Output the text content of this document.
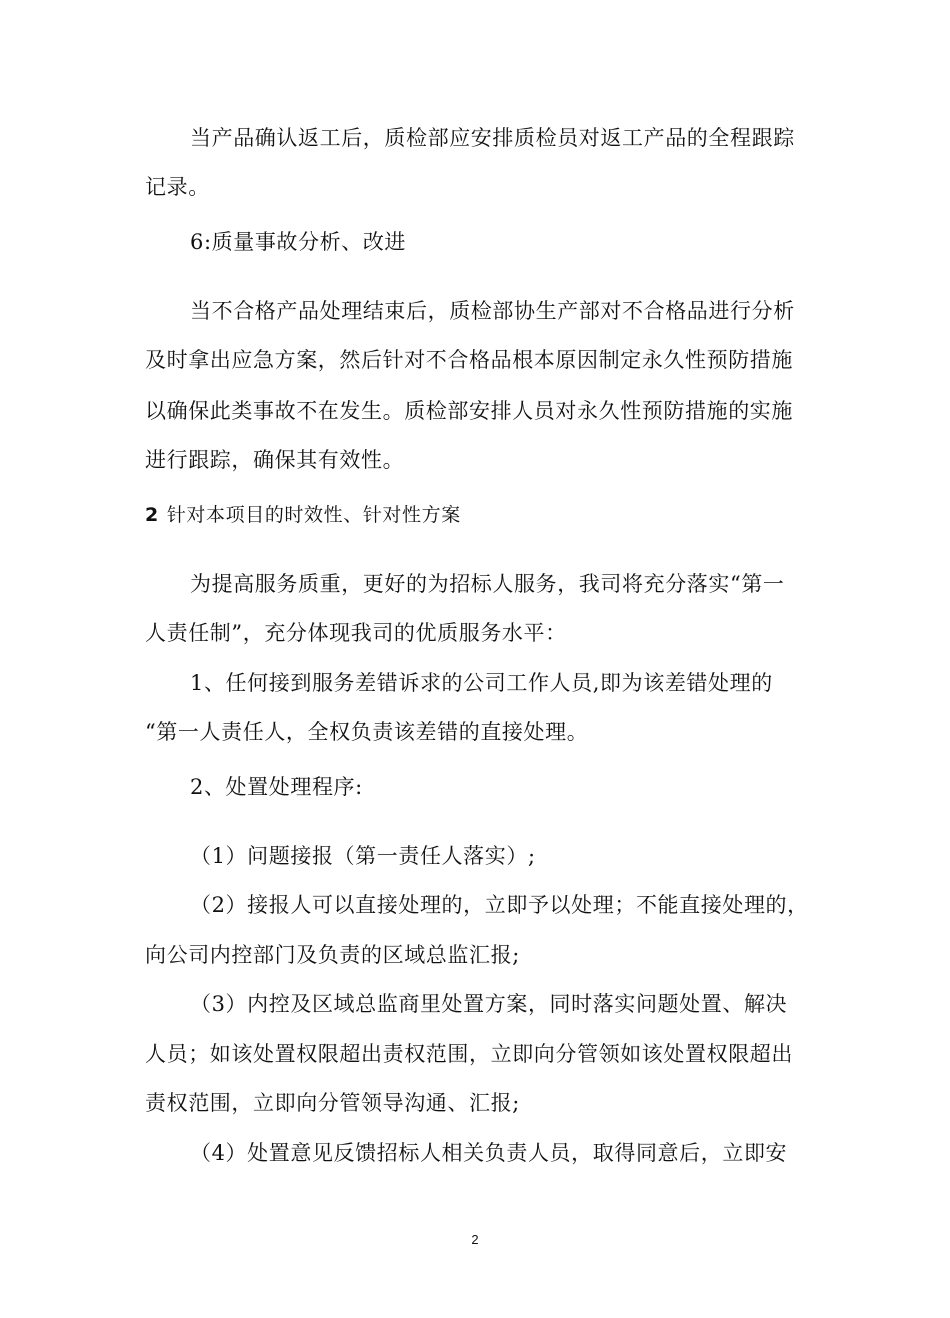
当产品确认返工后，质检部应安排质检员对返工产品的全程跟踪
记录。
6:质量事故分析、改进
当不合格产品处理结束后，质检部协生产部对不合格品进行分析
及时拿出应急方案，然后针对不合格品根本原因制定永久性预防措施
以确保此类事故不在发生。质检部安排人员对永久性预防措施的实施
进行跟踪，确保其有效性。
2 针对本项目的时效性、针对性方案
为提高服务质重，更好的为招标人服务，我司将充分落实“第一
人责任制”，充分体现我司的优质服务水平：
1、任何接到服务差错诉求的公司工作人员,即为该差错处理的
“第一人责任人，全权负责该差错的直接处理。
2、处置处理程序:
（1）问题接报（第一责任人落实）;
（2）接报人可以直接处理的，立即予以处理；不能直接处理的，
向公司内控部门及负责的区域总监汇报;
（3）内控及区域总监商里处置方案，同时落实问题处置、解决
人员；如该处置权限超出责权范围，立即向分管领如该处置权限超出
责权范围，立即向分管领导沟通、汇报;
（4）处置意见反馈招标人相关负责人员，取得同意后，立即安
2
